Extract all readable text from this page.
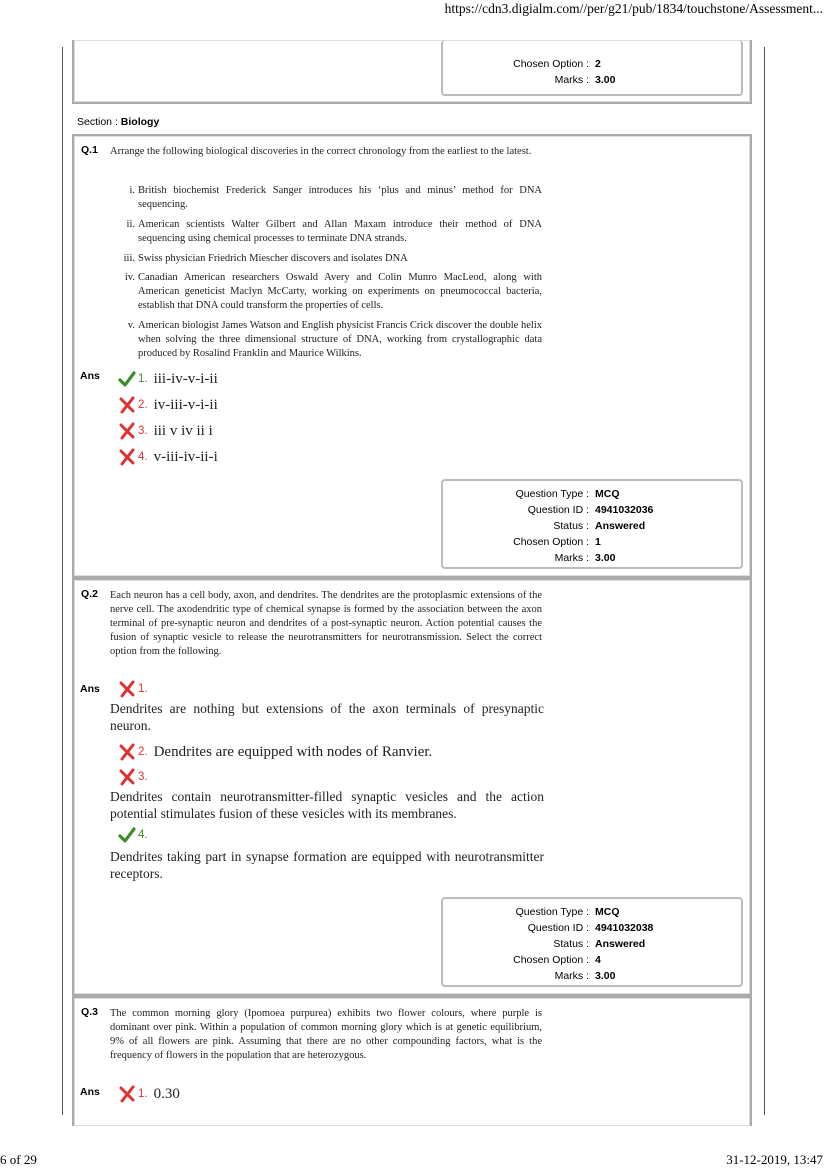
https://cdn3.digialm.com//per/g21/pub/1834/touchstone/Assessment...
6 of 29	31-12-2019, 13:47
Chosen Option : 2
Marks : 3.00
Section : Biology
Q.1 Arrange the following biological discoveries in the correct chronology from the earliest to the latest.
i. British biochemist Frederick Sanger introduces his ‘plus and minus’ method for DNA sequencing.
ii. American scientists Walter Gilbert and Allan Maxam introduce their method of DNA sequencing using chemical processes to terminate DNA strands.
iii. Swiss physician Friedrich Miescher discovers and isolates DNA
iv. Canadian American researchers Oswald Avery and Colin Munro MacLeod, along with American geneticist Maclyn McCarty, working on experiments on pneumococcal bacteria, establish that DNA could transform the properties of cells.
v. American biologist James Watson and English physicist Francis Crick discover the double helix when solving the three dimensional structure of DNA, working from crystallographic data produced by Rosalind Franklin and Maurice Wilkins.
Ans	1. iii-iv-v-i-ii
2. iv-iii-v-i-ii
3. iii v iv ii i
4. v-iii-iv-ii-i
Question Type : MCQ
Question ID : 4941032036
Status : Answered
Chosen Option : 1
Marks : 3.00
Q.2 Each neuron has a cell body, axon, and dendrites. The dendrites are the protoplasmic extensions of the nerve cell. The axodendritic type of chemical synapse is formed by the association between the axon terminal of pre-synaptic neuron and dendrites of a post-synaptic neuron. Action potential causes the fusion of synaptic vesicle to release the neurotransmitters for neurotransmission. Select the correct option from the following.
Ans	1.
Dendrites are nothing but extensions of the axon terminals of presynaptic neuron.
2. Dendrites are equipped with nodes of Ranvier.
3.
Dendrites contain neurotransmitter-filled synaptic vesicles and the action potential stimulates fusion of these vesicles with its membranes.
4.
Dendrites taking part in synapse formation are equipped with neurotransmitter receptors.
Question Type : MCQ
Question ID : 4941032038
Status : Answered
Chosen Option : 4
Marks : 3.00
Q.3 The common morning glory (Ipomoea purpurea) exhibits two flower colours, where purple is dominant over pink. Within a population of common morning glory which is at genetic equilibrium, 9% of all flowers are pink. Assuming that there are no other compounding factors, what is the frequency of flowers in the population that are heterozygous.
Ans	1. 0.30
